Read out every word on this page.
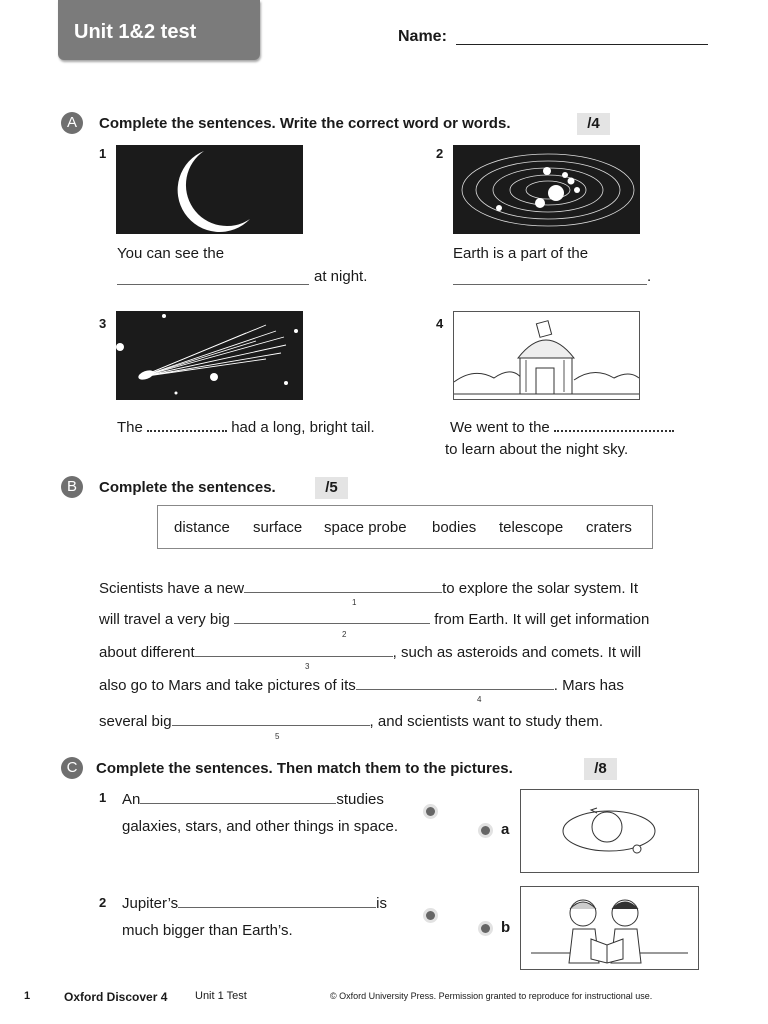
Unit 1&2 test	Name:
A	Complete the sentences. Write the correct word or words.	/4
1
You can see the
at night.
2
Earth is a part of the
.
3
The	had a long, bright tail.
4
We went to the
to learn about the night sky.
B	Complete the sentences.	/5
distance surface space probe bodies telescope craters
Scientists have a new	to explore the solar system. It
1
will travel a very big	from Earth. It will get information
2
about different	, such as asteroids and comets. It will
3
also go to Mars and take pictures of its	. Mars has
4
several big	, and scientists want to study them.
5
C	Complete the sentences. Then match them to the pictures.	/8
1 An	studies
galaxies, stars, and other things in space.
2 Jupiter’s	is
much bigger than Earth’s.
a
b
1	Oxford Discover 4	Unit 1 Test	© Oxford University Press. Permission granted to reproduce for instructional use.
